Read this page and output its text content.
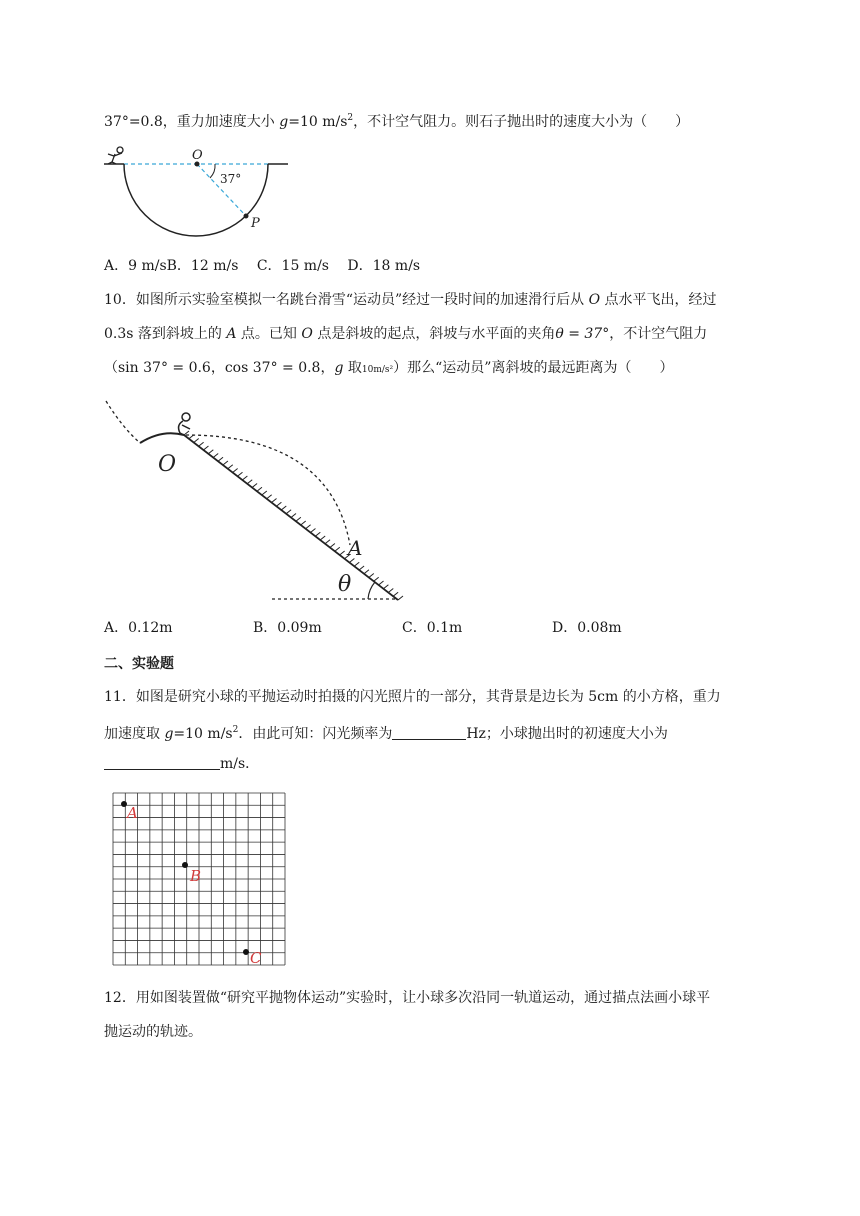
37°=0.8，重力加速度大小 g=10 $m/s^2$，不计空气阻力。则石子抛出时的速度大小为（　　）
O
37°
P
A．9 m/sB．12 m/s　 C．15 m/s　 D．18 m/s
10．如图所示实验室模拟一名跳台滑雪“运动员”经过一段时间的加速滑行后从 O 点水平飞出，经过
0.3s 落到斜坡上的 A 点。已知 O 点是斜坡的起点，斜坡与水平面的夹角θ = 37°，不计空气阻力
（sin 37° = 0.6，cos 37° = 0.8，g 取10m/s²）那么“运动员”离斜坡的最远距离为（　　）
O
A
θ
A．0.12m	B．0.09m	C．0.1m	D．0.08m
二、实验题
11．如图是研究小球的平抛运动时拍摄的闪光照片的一部分，其背景是边长为 5cm 的小方格，重力
加速度取 g=10 $m/s^2$．由此可知：闪光频率为	Hz；小球抛出时的初速度大小为
m/s．
A
B
C
12．用如图装置做“研究平抛物体运动”实验时，让小球多次沿同一轨道运动，通过描点法画小球平
抛运动的轨迹。
